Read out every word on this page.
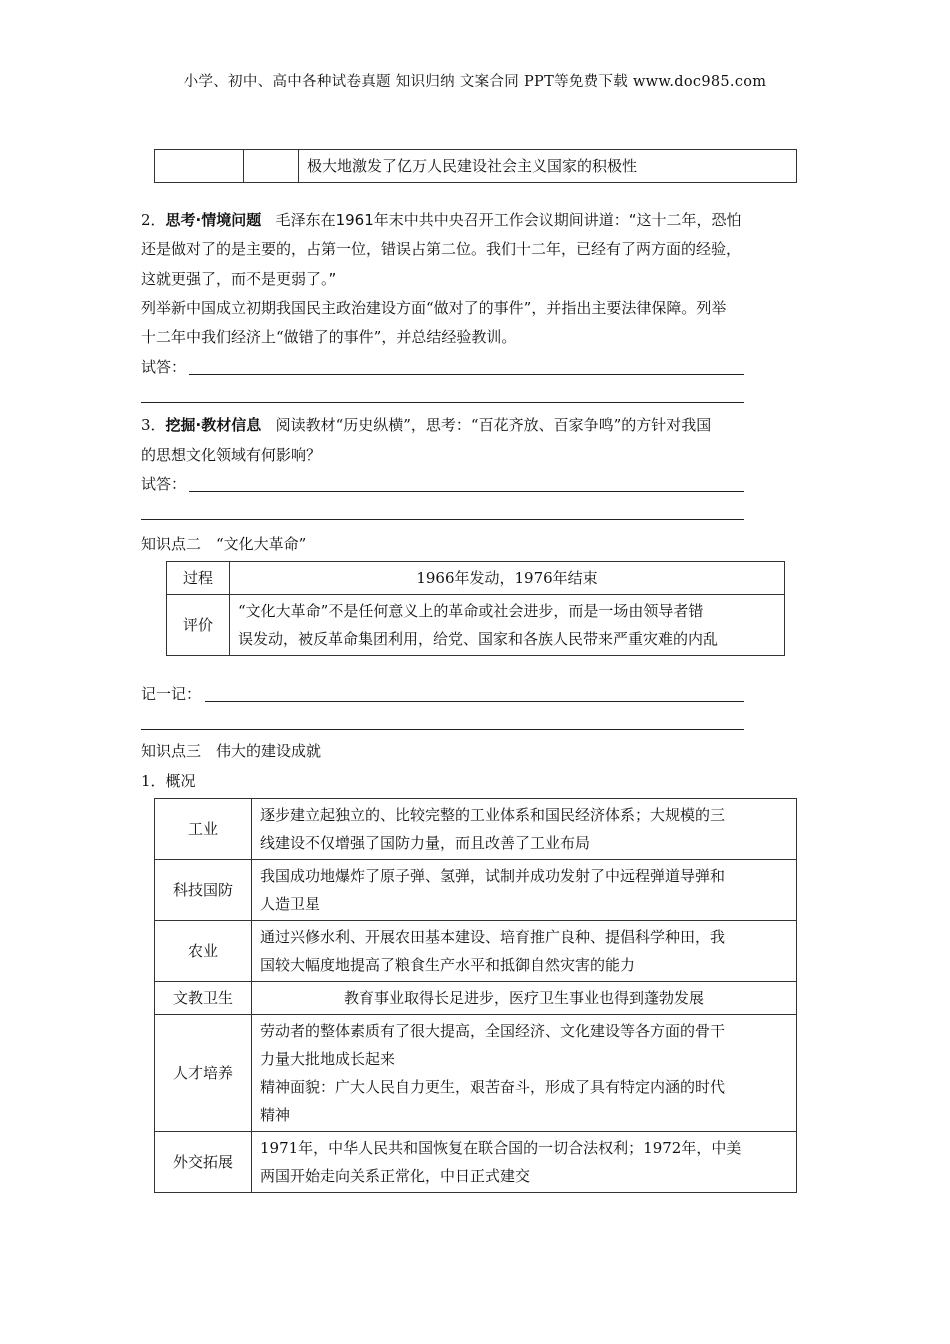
小学、初中、高中各种试卷真题 知识归纳 文案合同 PPT等免费下载 www.doc985.com
		极大地激发了亿万人民建设社会主义国家的积极性
2．思考·情境问题 毛泽东在1961年末中共中央召开工作会议期间讲道：“这十二年，恐怕
还是做对了的是主要的，占第一位，错误占第二位。我们十二年，已经有了两方面的经验，
这就更强了，而不是更弱了。”
列举新中国成立初期我国民主政治建设方面“做对了的事件”，并指出主要法律保障。列举
十二年中我们经济上“做错了的事件”，并总结经验教训。
试答：
3．挖掘·教材信息 阅读教材“历史纵横”，思考：“百花齐放、百家争鸣”的方针对我国
的思想文化领域有何影响？
试答：
知识点二　“文化大革命”
过程	1966年发动，1976年结束
评价	“文化大革命”不是任何意义上的革命或社会进步，而是一场由领导者错
误发动，被反革命集团利用，给党、国家和各族人民带来严重灾难的内乱
记一记：
知识点三　伟大的建设成就
1．概况
工业	逐步建立起独立的、比较完整的工业体系和国民经济体系；大规模的三
线建设不仅增强了国防力量，而且改善了工业布局

科技国防	我国成功地爆炸了原子弹、氢弹，试制并成功发射了中远程弹道导弹和
人造卫星

农业	通过兴修水利、开展农田基本建设、培育推广良种、提倡科学种田，我
国较大幅度地提高了粮食生产水平和抵御自然灾害的能力

文教卫生	教育事业取得长足进步，医疗卫生事业也得到蓬勃发展
人才培养	劳动者的整体素质有了很大提高，全国经济、文化建设等各方面的骨干
力量大批地成长起来
精神面貌：广大人民自力更生，艰苦奋斗，形成了具有特定内涵的时代
精神

外交拓展	1971年，中华人民共和国恢复在联合国的一切合法权利；1972年，中美
两国开始走向关系正常化，中日正式建交
